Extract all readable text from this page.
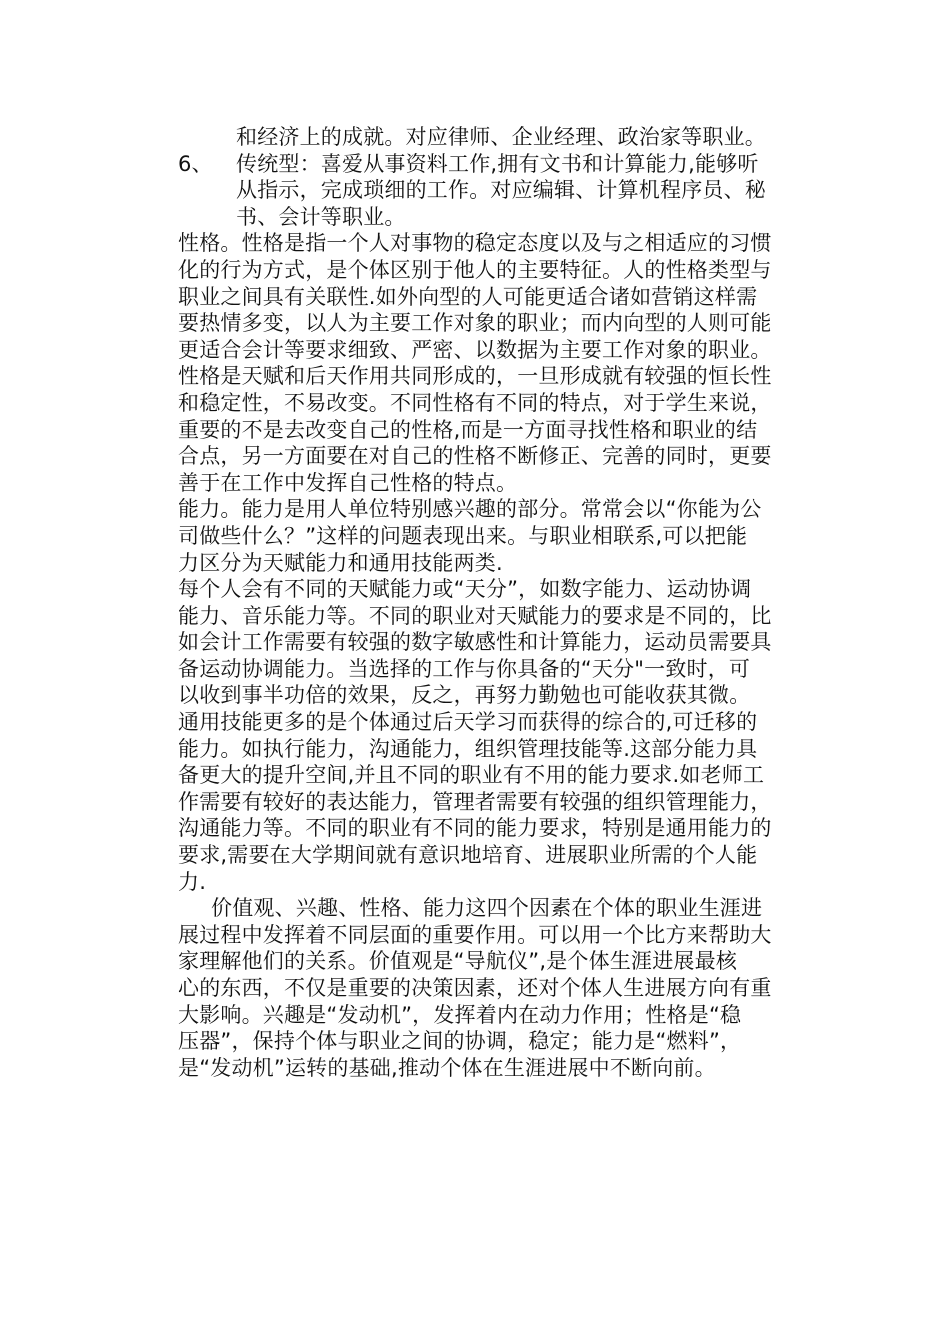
和经济上的成就。对应律师、企业经理、政治家等职业。
6、	传统型：喜爱从事资料工作,拥有文书和计算能力,能够听
从指示，完成琐细的工作。对应编辑、计算机程序员、秘
书、会计等职业。
性格。性格是指一个人对事物的稳定态度以及与之相适应的习惯
化的行为方式，是个体区别于他人的主要特征。人的性格类型与
职业之间具有关联性.如外向型的人可能更适合诸如营销这样需
要热情多变，以人为主要工作对象的职业；而内向型的人则可能
更适合会计等要求细致、严密、以数据为主要工作对象的职业。
性格是天赋和后天作用共同形成的，一旦形成就有较强的恒长性
和稳定性，不易改变。不同性格有不同的特点，对于学生来说，
重要的不是去改变自己的性格,而是一方面寻找性格和职业的结
合点，另一方面要在对自己的性格不断修正、完善的同时，更要
善于在工作中发挥自己性格的特点。
能力。能力是用人单位特别感兴趣的部分。常常会以“你能为公
司做些什么？”这样的问题表现出来。与职业相联系,可以把能
力区分为天赋能力和通用技能两类.
每个人会有不同的天赋能力或“天分”，如数字能力、运动协调
能力、音乐能力等。不同的职业对天赋能力的要求是不同的，比
如会计工作需要有较强的数字敏感性和计算能力，运动员需要具
备运动协调能力。当选择的工作与你具备的“天分"一致时，可
以收到事半功倍的效果，反之，再努力勤勉也可能收获其微。
通用技能更多的是个体通过后天学习而获得的综合的,可迁移的
能力。如执行能力，沟通能力，组织管理技能等.这部分能力具
备更大的提升空间,并且不同的职业有不用的能力要求.如老师工
作需要有较好的表达能力，管理者需要有较强的组织管理能力，
沟通能力等。不同的职业有不同的能力要求，特别是通用能力的
要求,需要在大学期间就有意识地培育、进展职业所需的个人能
力.
价值观、兴趣、性格、能力这四个因素在个体的职业生涯进
展过程中发挥着不同层面的重要作用。可以用一个比方来帮助大
家理解他们的关系。价值观是“导航仪”,是个体生涯进展最核
心的东西，不仅是重要的决策因素，还对个体人生进展方向有重
大影响。兴趣是“发动机”，发挥着内在动力作用；性格是“稳
压器”，保持个体与职业之间的协调，稳定；能力是“燃料”，
是“发动机”运转的基础,推动个体在生涯进展中不断向前。
